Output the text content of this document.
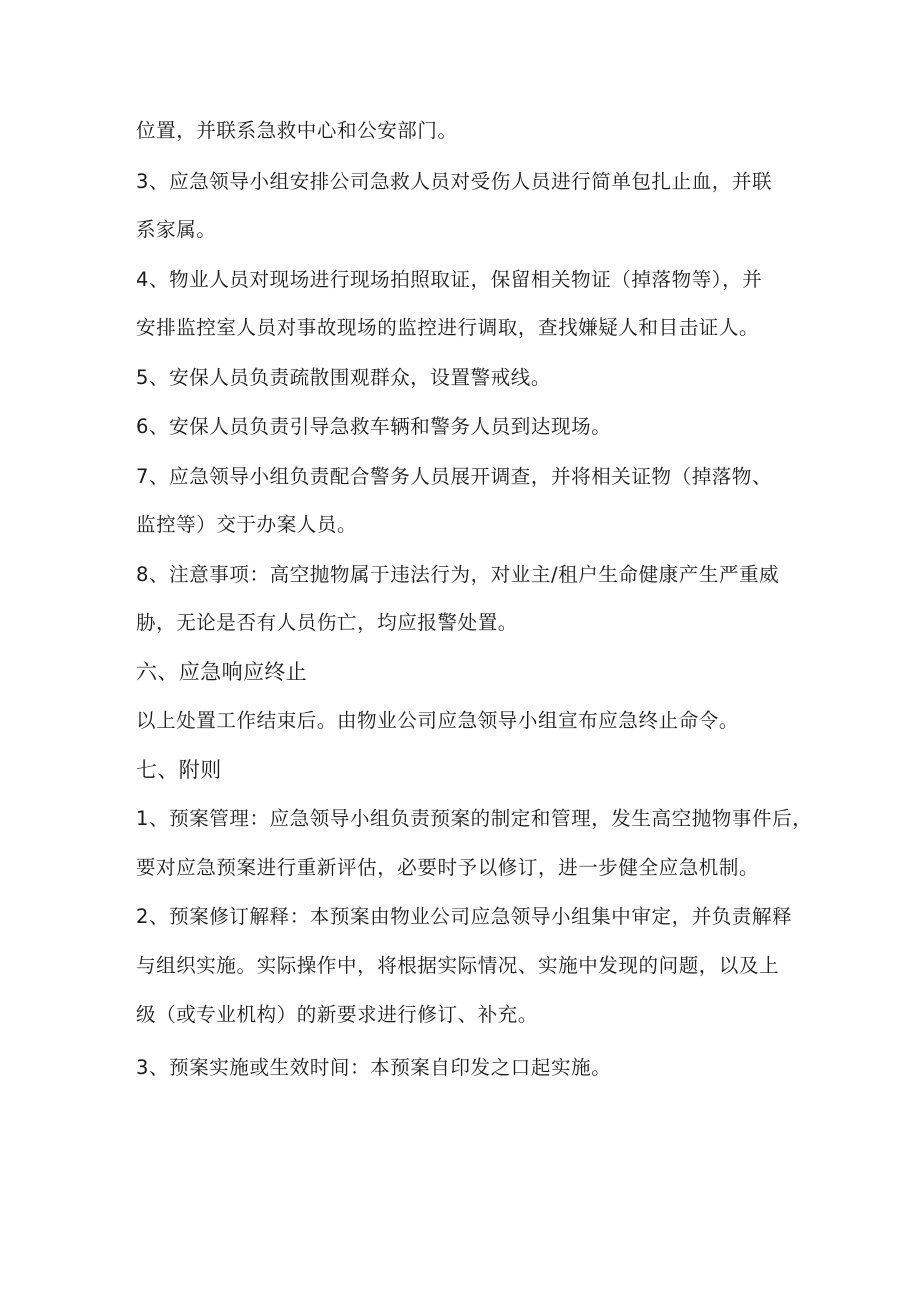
位置，并联系急救中心和公安部门。
3、应急领导小组安排公司急救人员对受伤人员进行简单包扎止血，并联
系家属。
4、物业人员对现场进行现场拍照取证，保留相关物证（掉落物等），并
安排监控室人员对事故现场的监控进行调取，查找嫌疑人和目击证人。
5、安保人员负责疏散围观群众，设置警戒线。
6、安保人员负责引导急救车辆和警务人员到达现场。
7、应急领导小组负责配合警务人员展开调查，并将相关证物（掉落物、
监控等）交于办案人员。
8、注意事项：高空抛物属于违法行为，对业主/租户生命健康产生严重威
胁，无论是否有人员伤亡，均应报警处置。
六、应急响应终止
以上处置工作结束后。由物业公司应急领导小组宣布应急终止命令。
七、附则
1、预案管理：应急领导小组负责预案的制定和管理，发生高空抛物事件后，
要对应急预案进行重新评估，必要时予以修订，进一步健全应急机制。
2、预案修订解释：本预案由物业公司应急领导小组集中审定，并负责解释
与组织实施。实际操作中，将根据实际情况、实施中发现的问题，以及上
级（或专业机构）的新要求进行修订、补充。
3、预案实施或生效时间：本预案自印发之口起实施。
